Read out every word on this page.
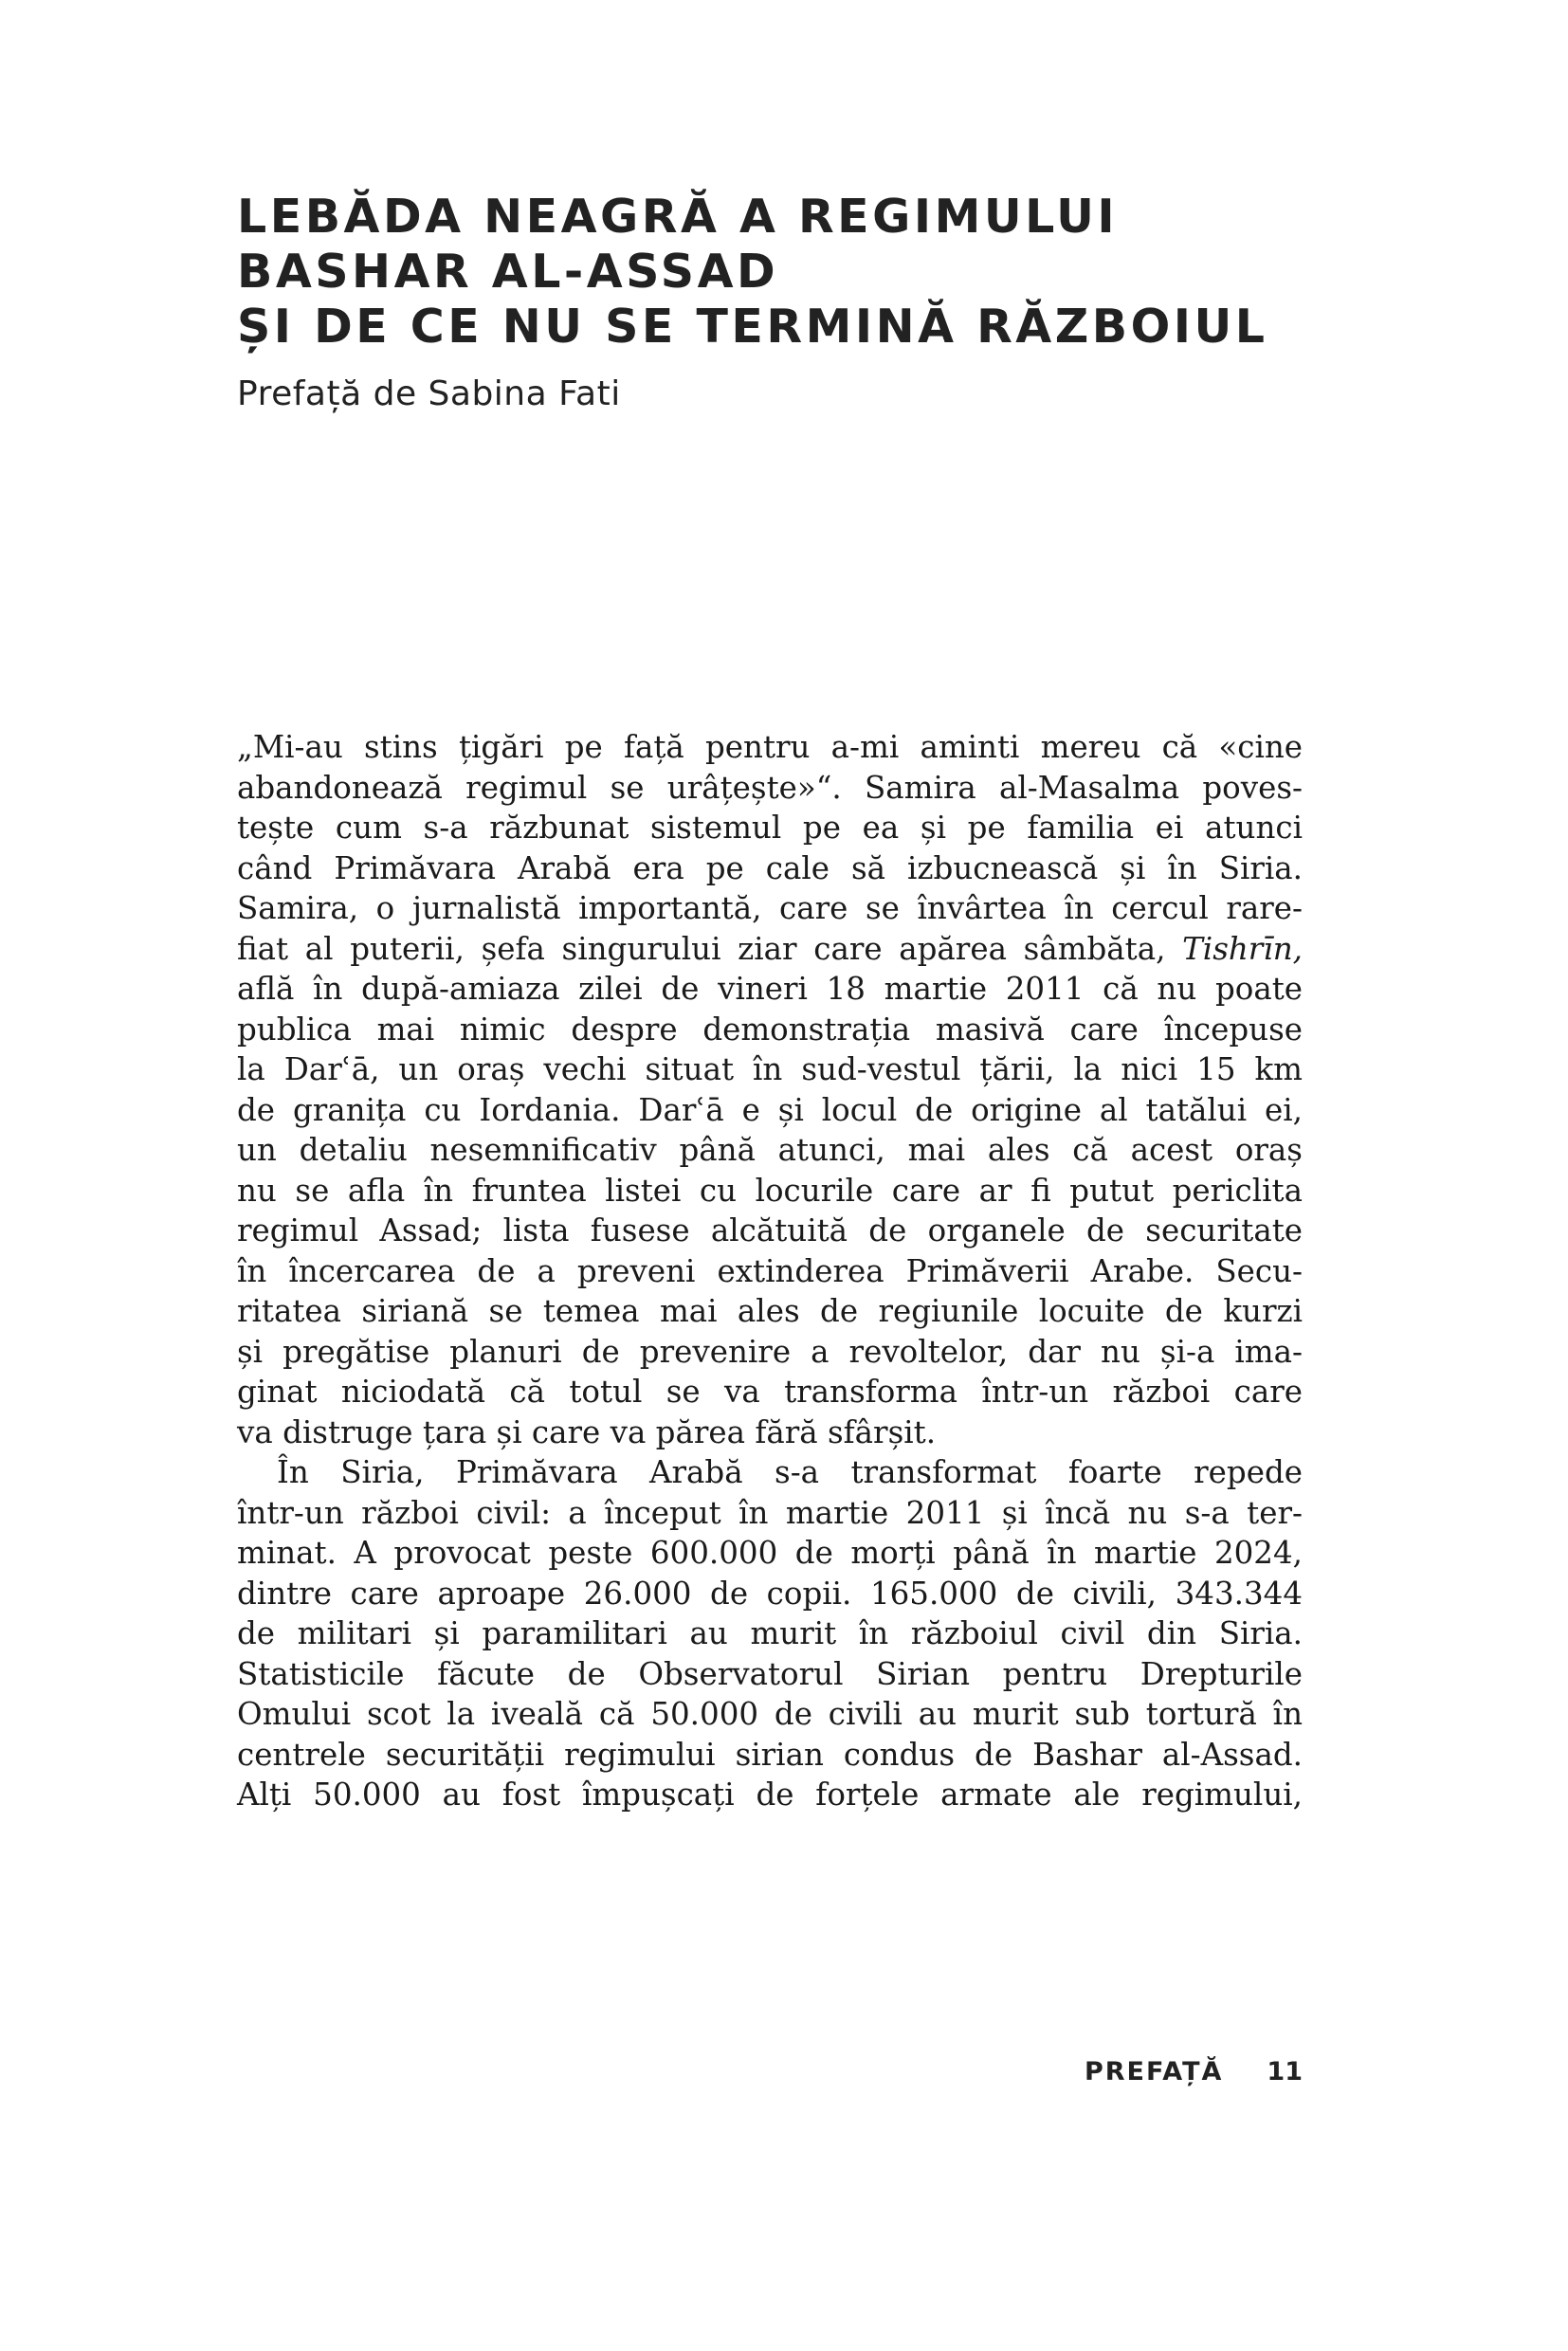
LEBĂDA NEAGRĂ A REGIMULUI
BASHAR AL-ASSAD
ȘI DE CE NU SE TERMINĂ RĂZBOIUL
Prefață de Sabina Fati

„Mi-au stins țigări pe față pentru a-mi aminti mereu că «cine
abandonează regimul se urâțește»“. Samira al-Masalma poves-
tește cum s-a răzbunat sistemul pe ea și pe familia ei atunci
când Primăvara Arabă era pe cale să izbucnească și în Siria.
Samira, o jurnalistă importantă, care se învârtea în cercul rare-
fiat al puterii, șefa singurului ziar care apărea sâmbăta, Tishrīn,
află în după-amiaza zilei de vineri 18 martie 2011 că nu poate
publica mai nimic despre demonstrația masivă care începuse
la Darʿā, un oraș vechi situat în sud-vestul țării, la nici 15 km
de granița cu Iordania. Darʿā e și locul de origine al tatălui ei,
un detaliu nesemnificativ până atunci, mai ales că acest oraș
nu se afla în fruntea listei cu locurile care ar fi putut periclita
regimul Assad; lista fusese alcătuită de organele de securitate
în încercarea de a preveni extinderea Primăverii Arabe. Secu-
ritatea siriană se temea mai ales de regiunile locuite de kurzi
și pregătise planuri de prevenire a revoltelor, dar nu și-a ima-
ginat niciodată că totul se va transforma într-un război care
va distruge țara și care va părea fără sfârșit.

În Siria, Primăvara Arabă s-a transformat foarte repede
într-un război civil: a început în martie 2011 și încă nu s-a ter-
minat. A provocat peste 600.000 de morți până în martie 2024,
dintre care aproape 26.000 de copii. 165.000 de civili, 343.344
de militari și paramilitari au murit în războiul civil din Siria.
Statisticile făcute de Observatorul Sirian pentru Drepturile
Omului scot la iveală că 50.000 de civili au murit sub tortură în
centrele securității regimului sirian condus de Bashar al-Assad.
Alți 50.000 au fost împușcați de forțele armate ale regimului,

PREFAȚĂ 11
